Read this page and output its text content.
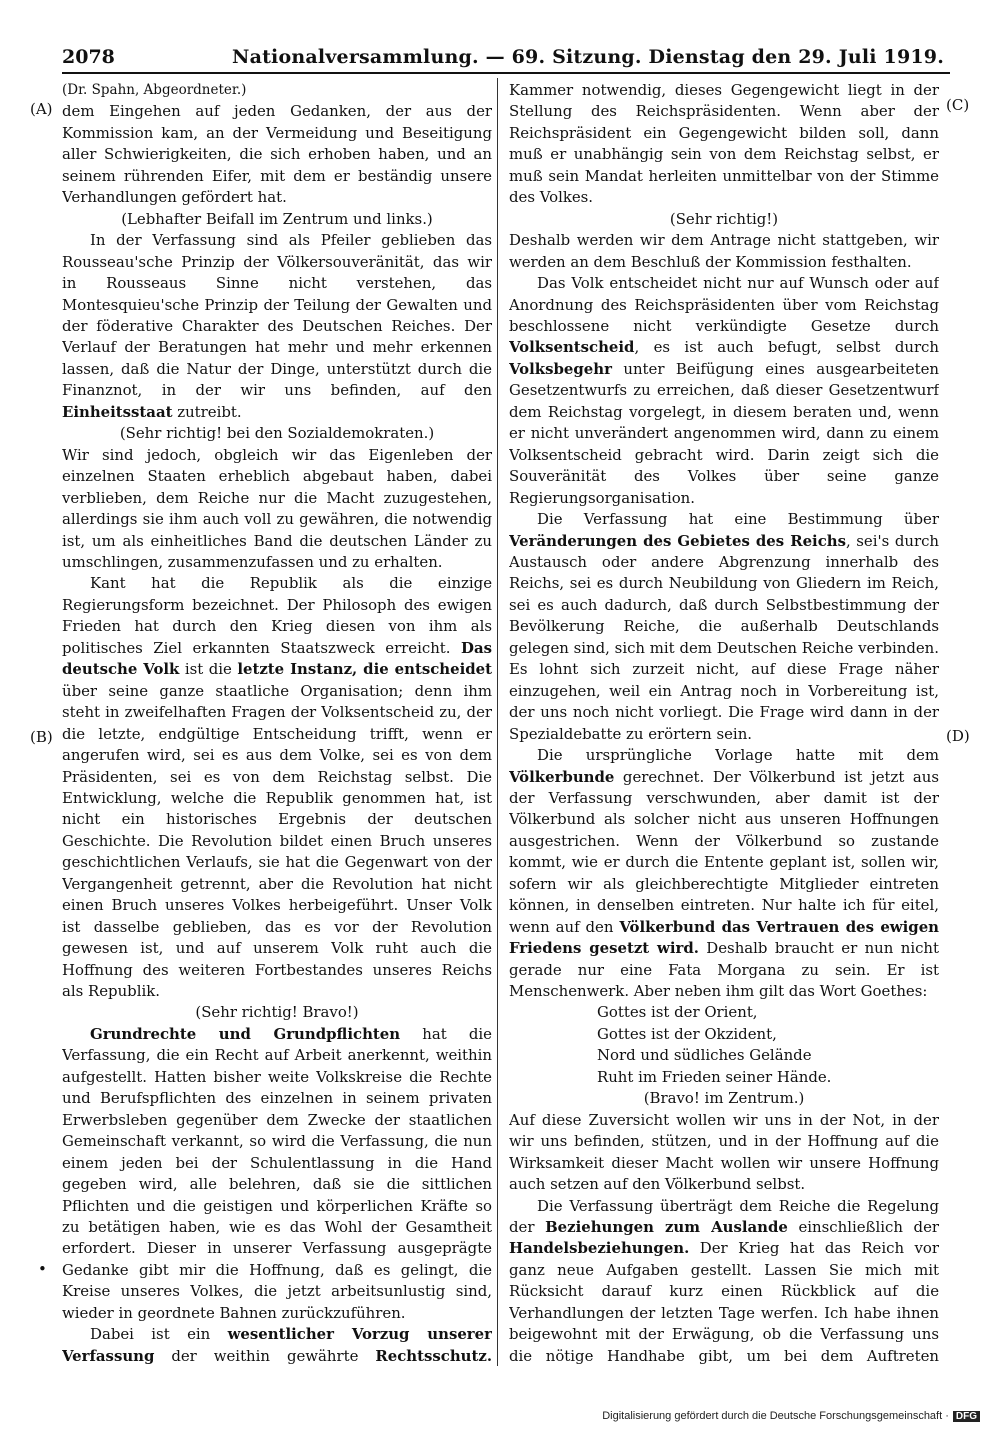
2078	Nationalversammlung. — 69. Sitzung. Dienstag den 29. Juli 1919.
(A)
(B)
•
(C)
(D)

(Dr. Spahn, Abgeordneter.)

dem Eingehen auf jeden Gedanken, der aus der Kommission kam, an der Vermeidung und Beseitigung aller Schwierigkeiten, die sich erhoben haben, und an seinem rührenden Eifer, mit dem er beständig unsere Verhandlungen gefördert hat.

(Lebhafter Beifall im Zentrum und links.)

In der Verfassung sind als Pfeiler geblieben das Rousseau'sche Prinzip der Völkersouveränität, das wir in Rousseaus Sinne nicht verstehen, das Montesquieu'sche Prinzip der Teilung der Gewalten und der föderative Charakter des Deutschen Reiches. Der Verlauf der Beratungen hat mehr und mehr erkennen lassen, daß die Natur der Dinge, unterstützt durch die Finanznot, in der wir uns befinden, auf den Einheitsstaat zutreibt.

(Sehr richtig! bei den Sozialdemokraten.)

Wir sind jedoch, obgleich wir das Eigenleben der einzelnen Staaten erheblich abgebaut haben, dabei verblieben, dem Reiche nur die Macht zuzugestehen, allerdings sie ihm auch voll zu gewähren, die notwendig ist, um als einheitliches Band die deutschen Länder zu umschlingen, zusammenzufassen und zu erhalten.

Kant hat die Republik als die einzige Regierungsform bezeichnet. Der Philosoph des ewigen Frieden hat durch den Krieg diesen von ihm als politisches Ziel erkannten Staatszweck erreicht. Das deutsche Volk ist die letzte Instanz, die entscheidet über seine ganze staatliche Organisation; denn ihm steht in zweifelhaften Fragen der Volksentscheid zu, der die letzte, endgültige Entscheidung trifft, wenn er angerufen wird, sei es aus dem Volke, sei es von dem Präsidenten, sei es von dem Reichstag selbst. Die Entwicklung, welche die Republik genommen hat, ist nicht ein historisches Ergebnis der deutschen Geschichte. Die Revolution bildet einen Bruch unseres geschichtlichen Verlaufs, sie hat die Gegenwart von der Vergangenheit getrennt, aber die Revolution hat nicht einen Bruch unseres Volkes herbeigeführt. Unser Volk ist dasselbe geblieben, das es vor der Revolution gewesen ist, und auf unserem Volk ruht auch die Hoffnung des weiteren Fortbestandes unseres Reichs als Republik.

(Sehr richtig! Bravo!)

Grundrechte und Grundpflichten hat die Verfassung, die ein Recht auf Arbeit anerkennt, weithin aufgestellt. Hatten bisher weite Volkskreise die Rechte und Berufspflichten des einzelnen in seinem privaten Erwerbsleben gegenüber dem Zwecke der staatlichen Gemeinschaft verkannt, so wird die Verfassung, die nun einem jeden bei der Schulentlassung in die Hand gegeben wird, alle belehren, daß sie die sittlichen Pflichten und die geistigen und körperlichen Kräfte so zu betätigen haben, wie es das Wohl der Gesamtheit erfordert. Dieser in unserer Verfassung ausgeprägte Gedanke gibt mir die Hoffnung, daß es gelingt, die Kreise unseres Volkes, die jetzt arbeitsunlustig sind, wieder in geordnete Bahnen zurückzuführen.

Dabei ist ein wesentlicher Vorzug unserer Verfassung der weithin gewährte Rechtsschutz.

Kammer notwendig, dieses Gegengewicht liegt in der Stellung des Reichspräsidenten. Wenn aber der Reichspräsident ein Gegengewicht bilden soll, dann muß er unabhängig sein von dem Reichstag selbst, er muß sein Mandat herleiten unmittelbar von der Stimme des Volkes.

(Sehr richtig!)

Deshalb werden wir dem Antrage nicht stattgeben, wir werden an dem Beschluß der Kommission festhalten.

Das Volk entscheidet nicht nur auf Wunsch oder auf Anordnung des Reichspräsidenten über vom Reichstag beschlossene nicht verkündigte Gesetze durch Volksentscheid, es ist auch befugt, selbst durch Volksbegehr unter Beifügung eines ausgearbeiteten Gesetzentwurfs zu erreichen, daß dieser Gesetzentwurf dem Reichstag vorgelegt, in diesem beraten und, wenn er nicht unverändert angenommen wird, dann zu einem Volksentscheid gebracht wird. Darin zeigt sich die Souveränität des Volkes über seine ganze Regierungsorganisation.

Die Verfassung hat eine Bestimmung über Veränderungen des Gebietes des Reichs, sei's durch Austausch oder andere Abgrenzung innerhalb des Reichs, sei es durch Neubildung von Gliedern im Reich, sei es auch dadurch, daß durch Selbstbestimmung der Bevölkerung Reiche, die außerhalb Deutschlands gelegen sind, sich mit dem Deutschen Reiche verbinden. Es lohnt sich zurzeit nicht, auf diese Frage näher einzugehen, weil ein Antrag noch in Vorbereitung ist, der uns noch nicht vorliegt. Die Frage wird dann in der Spezialdebatte zu erörtern sein.

Die ursprüngliche Vorlage hatte mit dem Völkerbunde gerechnet. Der Völkerbund ist jetzt aus der Verfassung verschwunden, aber damit ist der Völkerbund als solcher nicht aus unseren Hoffnungen ausgestrichen. Wenn der Völkerbund so zustande kommt, wie er durch die Entente geplant ist, sollen wir, sofern wir als gleichberechtigte Mitglieder eintreten können, in denselben eintreten. Nur halte ich für eitel, wenn auf den Völkerbund das Vertrauen des ewigen Friedens gesetzt wird. Deshalb braucht er nun nicht gerade nur eine Fata Morgana zu sein. Er ist Menschenwerk. Aber neben ihm gilt das Wort Goethes:

Gottes ist der Orient,

Gottes ist der Okzident,

Nord und südliches Gelände

Ruht im Frieden seiner Hände.

(Bravo! im Zentrum.)

Auf diese Zuversicht wollen wir uns in der Not, in der wir uns befinden, stützen, und in der Hoffnung auf die Wirksamkeit dieser Macht wollen wir unsere Hoffnung auch setzen auf den Völkerbund selbst.

Die Verfassung überträgt dem Reiche die Regelung der Beziehungen zum Auslande einschließlich der Handelsbeziehungen. Der Krieg hat das Reich vor ganz neue Aufgaben gestellt. Lassen Sie mich mit Rücksicht darauf kurz einen Rückblick auf die Verhandlungen der letzten Tage werfen. Ich habe ihnen beigewohnt mit der Erwägung, ob die Verfassung uns die nötige Handhabe gibt, um bei dem Auftreten

Digitalisierung gefördert durch die Deutsche Forschungsgemeinschaft · DFG
